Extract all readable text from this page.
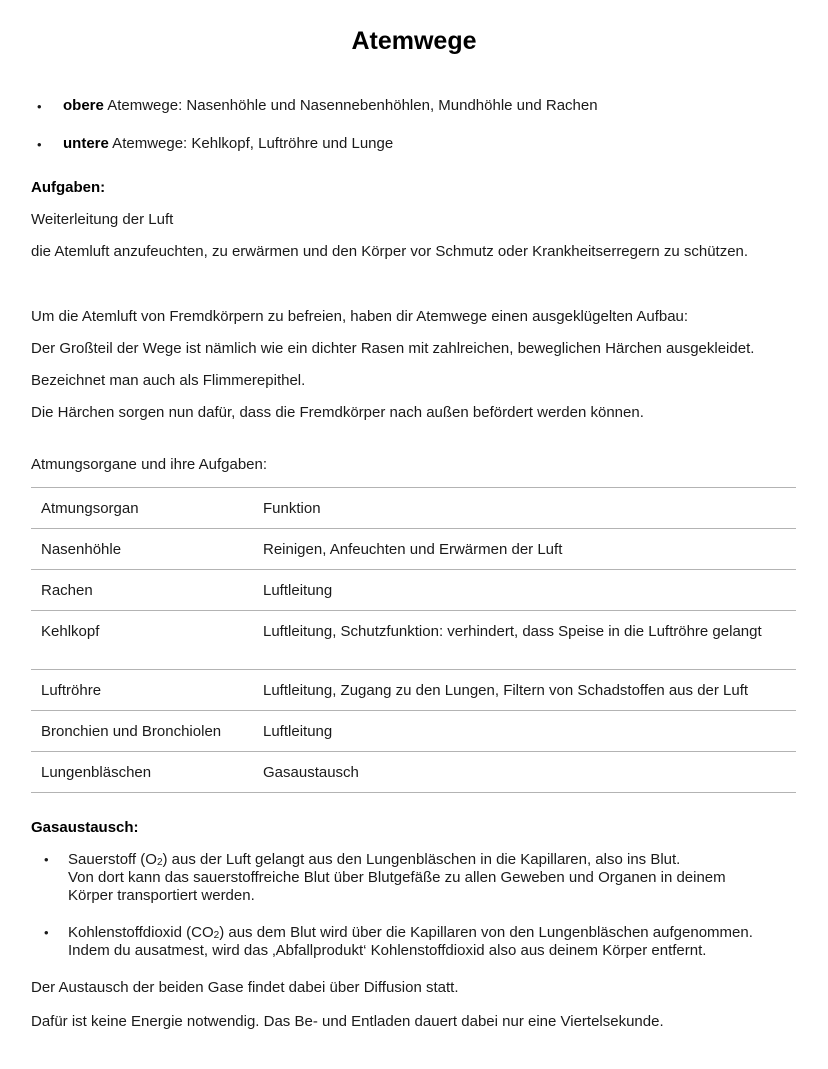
Atemwege
• obere Atemwege: Nasenhöhle und Nasennebenhöhlen, Mundhöhle und Rachen
• untere Atemwege: Kehlkopf, Luftröhre und Lunge
Aufgaben:
Weiterleitung der Luft
die Atemluft anzufeuchten, zu erwärmen und den Körper vor Schmutz oder Krankheitserregern zu schützen.
Um die Atemluft von Fremdkörpern zu befreien, haben dir Atemwege einen ausgeklügelten Aufbau:
Der Großteil der Wege ist nämlich wie ein dichter Rasen mit zahlreichen, beweglichen Härchen ausgekleidet.
Bezeichnet man auch als Flimmerepithel.
Die Härchen sorgen nun dafür, dass die Fremdkörper nach außen befördert werden können.
Atmungsorgane und ihre Aufgaben:
Atmungsorgan	Funktion
Nasenhöhle	Reinigen, Anfeuchten und Erwärmen der Luft
Rachen	Luftleitung
Kehlkopf	Luftleitung, Schutzfunktion: verhindert, dass Speise in die Luftröhre gelangt
Luftröhre	Luftleitung, Zugang zu den Lungen, Filtern von Schadstoffen aus der Luft
Bronchien und Bronchiolen	Luftleitung
Lungenbläschen	Gasaustausch
Gasaustausch:
• Sauerstoff $(O_2)$ aus der Luft gelangt aus den Lungenbläschen in die Kapillaren, also ins Blut.
Von dort kann das sauerstoffreiche Blut über Blutgefäße zu allen Geweben und Organen in deinem
Körper transportiert werden.
• Kohlenstoffdioxid $(CO_2)$ aus dem Blut wird über die Kapillaren von den Lungenbläschen aufgenommen.
Indem du ausatmest, wird das ‚Abfallprodukt‘ Kohlenstoffdioxid also aus deinem Körper entfernt.
Der Austausch der beiden Gase findet dabei über Diffusion statt.
Dafür ist keine Energie notwendig. Das Be- und Entladen dauert dabei nur eine Viertelsekunde.
